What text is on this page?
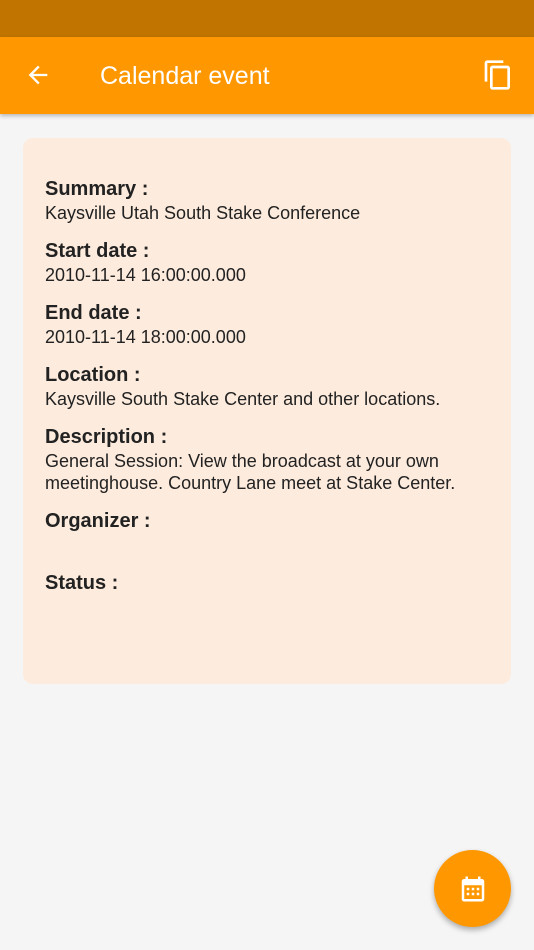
Calendar event
Summary :
Kaysville Utah South Stake Conference
Start date :
2010-11-14 16:00:00.000
End date :
2010-11-14 18:00:00.000
Location :
Kaysville South Stake Center and other locations.
Description :
General Session: View the broadcast at your own meetinghouse. Country Lane meet at Stake Center.
Organizer :
Status :
